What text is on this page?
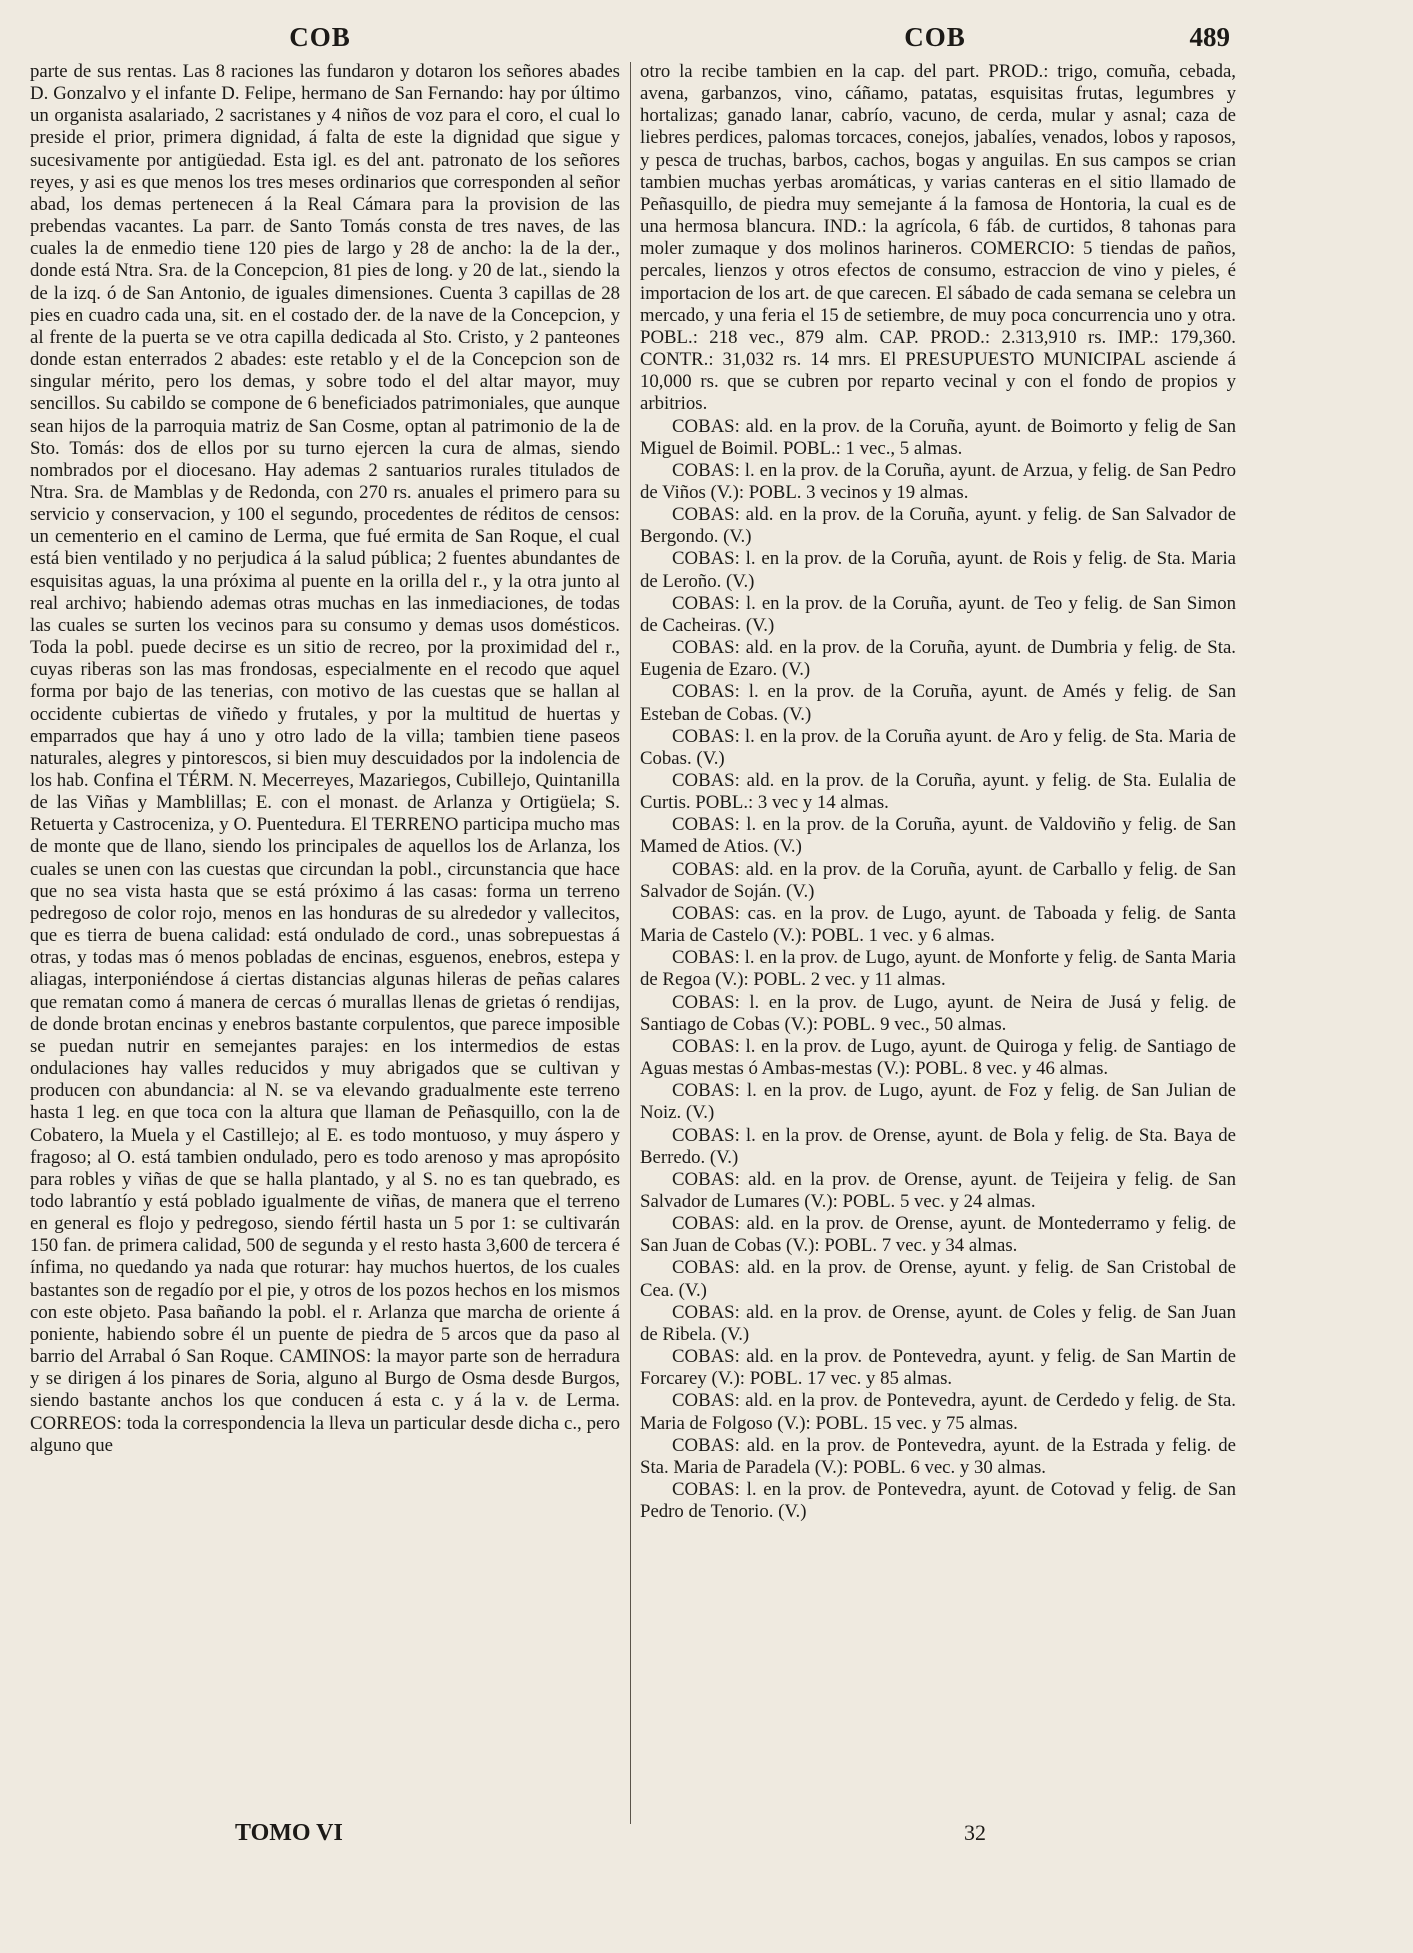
COB	COB	489

parte de sus rentas. Las 8 raciones las fundaron y dotaron los señores abades D. Gonzalvo y el infante D. Felipe, hermano de San Fernando: hay por último un organista asalariado, 2 sacristanes y 4 niños de voz para el coro, el cual lo preside el prior, primera dignidad, á falta de este la dignidad que sigue y sucesivamente por antigüedad. Esta igl. es del ant. patronato de los señores reyes, y asi es que menos los tres meses ordinarios que corresponden al señor abad, los demas pertenecen á la Real Cámara para la provision de las prebendas vacantes. La parr. de Santo Tomás consta de tres naves, de las cuales la de enmedio tiene 120 pies de largo y 28 de ancho: la de la der., donde está Ntra. Sra. de la Concepcion, 81 pies de long. y 20 de lat., siendo la de la izq. ó de San Antonio, de iguales dimensiones. Cuenta 3 capillas de 28 pies en cuadro cada una, sit. en el costado der. de la nave de la Concepcion, y al frente de la puerta se ve otra capilla dedicada al Sto. Cristo, y 2 panteones donde estan enterrados 2 abades: este retablo y el de la Concepcion son de singular mérito, pero los demas, y sobre todo el del altar mayor, muy sencillos. Su cabildo se compone de 6 beneficiados patrimoniales, que aunque sean hijos de la parroquia matriz de San Cosme, optan al patrimonio de la de Sto. Tomás: dos de ellos por su turno ejercen la cura de almas, siendo nombrados por el diocesano. Hay ademas 2 santuarios rurales titulados de Ntra. Sra. de Mamblas y de Redonda, con 270 rs. anuales el primero para su servicio y conservacion, y 100 el segundo, procedentes de réditos de censos: un cementerio en el camino de Lerma, que fué ermita de San Roque, el cual está bien ventilado y no perjudica á la salud pública; 2 fuentes abundantes de esquisitas aguas, la una próxima al puente en la orilla del r., y la otra junto al real archivo; habiendo ademas otras muchas en las inmediaciones, de todas las cuales se surten los vecinos para su consumo y demas usos domésticos. Toda la pobl. puede decirse es un sitio de recreo, por la proximidad del r., cuyas riberas son las mas frondosas, especialmente en el recodo que aquel forma por bajo de las tenerias, con motivo de las cuestas que se hallan al occidente cubiertas de viñedo y frutales, y por la multitud de huertas y emparrados que hay á uno y otro lado de la villa; tambien tiene paseos naturales, alegres y pintorescos, si bien muy descuidados por la indolencia de los hab. Confina el TÉRM. N. Mecerreyes, Mazariegos, Cubillejo, Quintanilla de las Viñas y Mamblillas; E. con el monast. de Arlanza y Ortigüela; S. Retuerta y Castroceniza, y O. Puentedura. El TERRENO participa mucho mas de monte que de llano, siendo los principales de aquellos los de Arlanza, los cuales se unen con las cuestas que circundan la pobl., circunstancia que hace que no sea vista hasta que se está próximo á las casas: forma un terreno pedregoso de color rojo, menos en las honduras de su alrededor y vallecitos, que es tierra de buena calidad: está ondulado de cord., unas sobrepuestas á otras, y todas mas ó menos pobladas de encinas, esguenos, enebros, estepa y aliagas, interponiéndose á ciertas distancias algunas hileras de peñas calares que rematan como á manera de cercas ó murallas llenas de grietas ó rendijas, de donde brotan encinas y enebros bastante corpulentos, que parece imposible se puedan nutrir en semejantes parajes: en los intermedios de estas ondulaciones hay valles reducidos y muy abrigados que se cultivan y producen con abundancia: al N. se va elevando gradualmente este terreno hasta 1 leg. en que toca con la altura que llaman de Peñasquillo, con la de Cobatero, la Muela y el Castillejo; al E. es todo montuoso, y muy áspero y fragoso; al O. está tambien ondulado, pero es todo arenoso y mas apropósito para robles y viñas de que se halla plantado, y al S. no es tan quebrado, es todo labrantío y está poblado igualmente de viñas, de manera que el terreno en general es flojo y pedregoso, siendo fértil hasta un 5 por 1: se cultivarán 150 fan. de primera calidad, 500 de segunda y el resto hasta 3,600 de tercera é ínfima, no quedando ya nada que roturar: hay muchos huertos, de los cuales bastantes son de regadío por el pie, y otros de los pozos hechos en los mismos con este objeto. Pasa bañando la pobl. el r. Arlanza que marcha de oriente á poniente, habiendo sobre él un puente de piedra de 5 arcos que da paso al barrio del Arrabal ó San Roque. CAMINOS: la mayor parte son de herradura y se dirigen á los pinares de Soria, alguno al Burgo de Osma desde Burgos, siendo bastante anchos los que conducen á esta c. y á la v. de Lerma. CORREOS: toda la correspondencia la lleva un particular desde dicha c., pero alguno que

otro la recibe tambien en la cap. del part. PROD.: trigo, comuña, cebada, avena, garbanzos, vino, cáñamo, patatas, esquisitas frutas, legumbres y hortalizas; ganado lanar, cabrío, vacuno, de cerda, mular y asnal; caza de liebres perdices, palomas torcaces, conejos, jabalíes, venados, lobos y raposos, y pesca de truchas, barbos, cachos, bogas y anguilas. En sus campos se crian tambien muchas yerbas aromáticas, y varias canteras en el sitio llamado de Peñasquillo, de piedra muy semejante á la famosa de Hontoria, la cual es de una hermosa blancura. IND.: la agrícola, 6 fáb. de curtidos, 8 tahonas para moler zumaque y dos molinos harineros. COMERCIO: 5 tiendas de paños, percales, lienzos y otros efectos de consumo, estraccion de vino y pieles, é importacion de los art. de que carecen. El sábado de cada semana se celebra un mercado, y una feria el 15 de setiembre, de muy poca concurrencia uno y otra. POBL.: 218 vec., 879 alm. CAP. PROD.: 2.313,910 rs. IMP.: 179,360. CONTR.: 31,032 rs. 14 mrs. El PRESUPUESTO MUNICIPAL asciende á 10,000 rs. que se cubren por reparto vecinal y con el fondo de propios y arbitrios.

COBAS: ald. en la prov. de la Coruña, ayunt. de Boimorto y felig de San Miguel de Boimil. POBL.: 1 vec., 5 almas.

COBAS: l. en la prov. de la Coruña, ayunt. de Arzua, y felig. de San Pedro de Viños (V.): POBL. 3 vecinos y 19 almas.

COBAS: ald. en la prov. de la Coruña, ayunt. y felig. de San Salvador de Bergondo. (V.)

COBAS: l. en la prov. de la Coruña, ayunt. de Rois y felig. de Sta. Maria de Leroño. (V.)

COBAS: l. en la prov. de la Coruña, ayunt. de Teo y felig. de San Simon de Cacheiras. (V.)

COBAS: ald. en la prov. de la Coruña, ayunt. de Dumbria y felig. de Sta. Eugenia de Ezaro. (V.)

COBAS: l. en la prov. de la Coruña, ayunt. de Amés y felig. de San Esteban de Cobas. (V.)

COBAS: l. en la prov. de la Coruña ayunt. de Aro y felig. de Sta. Maria de Cobas. (V.)

COBAS: ald. en la prov. de la Coruña, ayunt. y felig. de Sta. Eulalia de Curtis. POBL.: 3 vec y 14 almas.

COBAS: l. en la prov. de la Coruña, ayunt. de Valdoviño y felig. de San Mamed de Atios. (V.)

COBAS: ald. en la prov. de la Coruña, ayunt. de Carballo y felig. de San Salvador de Soján. (V.)

COBAS: cas. en la prov. de Lugo, ayunt. de Taboada y felig. de Santa Maria de Castelo (V.): POBL. 1 vec. y 6 almas.

COBAS: l. en la prov. de Lugo, ayunt. de Monforte y felig. de Santa Maria de Regoa (V.): POBL. 2 vec. y 11 almas.

COBAS: l. en la prov. de Lugo, ayunt. de Neira de Jusá y felig. de Santiago de Cobas (V.): POBL. 9 vec., 50 almas.

COBAS: l. en la prov. de Lugo, ayunt. de Quiroga y felig. de Santiago de Aguas mestas ó Ambas-mestas (V.): POBL. 8 vec. y 46 almas.

COBAS: l. en la prov. de Lugo, ayunt. de Foz y felig. de San Julian de Noiz. (V.)

COBAS: l. en la prov. de Orense, ayunt. de Bola y felig. de Sta. Baya de Berredo. (V.)

COBAS: ald. en la prov. de Orense, ayunt. de Teijeira y felig. de San Salvador de Lumares (V.): POBL. 5 vec. y 24 almas.

COBAS: ald. en la prov. de Orense, ayunt. de Montederramo y felig. de San Juan de Cobas (V.): POBL. 7 vec. y 34 almas.

COBAS: ald. en la prov. de Orense, ayunt. y felig. de San Cristobal de Cea. (V.)

COBAS: ald. en la prov. de Orense, ayunt. de Coles y felig. de San Juan de Ribela. (V.)

COBAS: ald. en la prov. de Pontevedra, ayunt. y felig. de San Martin de Forcarey (V.): POBL. 17 vec. y 85 almas.

COBAS: ald. en la prov. de Pontevedra, ayunt. de Cerdedo y felig. de Sta. Maria de Folgoso (V.): POBL. 15 vec. y 75 almas.

COBAS: ald. en la prov. de Pontevedra, ayunt. de la Estrada y felig. de Sta. Maria de Paradela (V.): POBL. 6 vec. y 30 almas.

COBAS: l. en la prov. de Pontevedra, ayunt. de Cotovad y felig. de San Pedro de Tenorio. (V.)

TOMO VI	32
